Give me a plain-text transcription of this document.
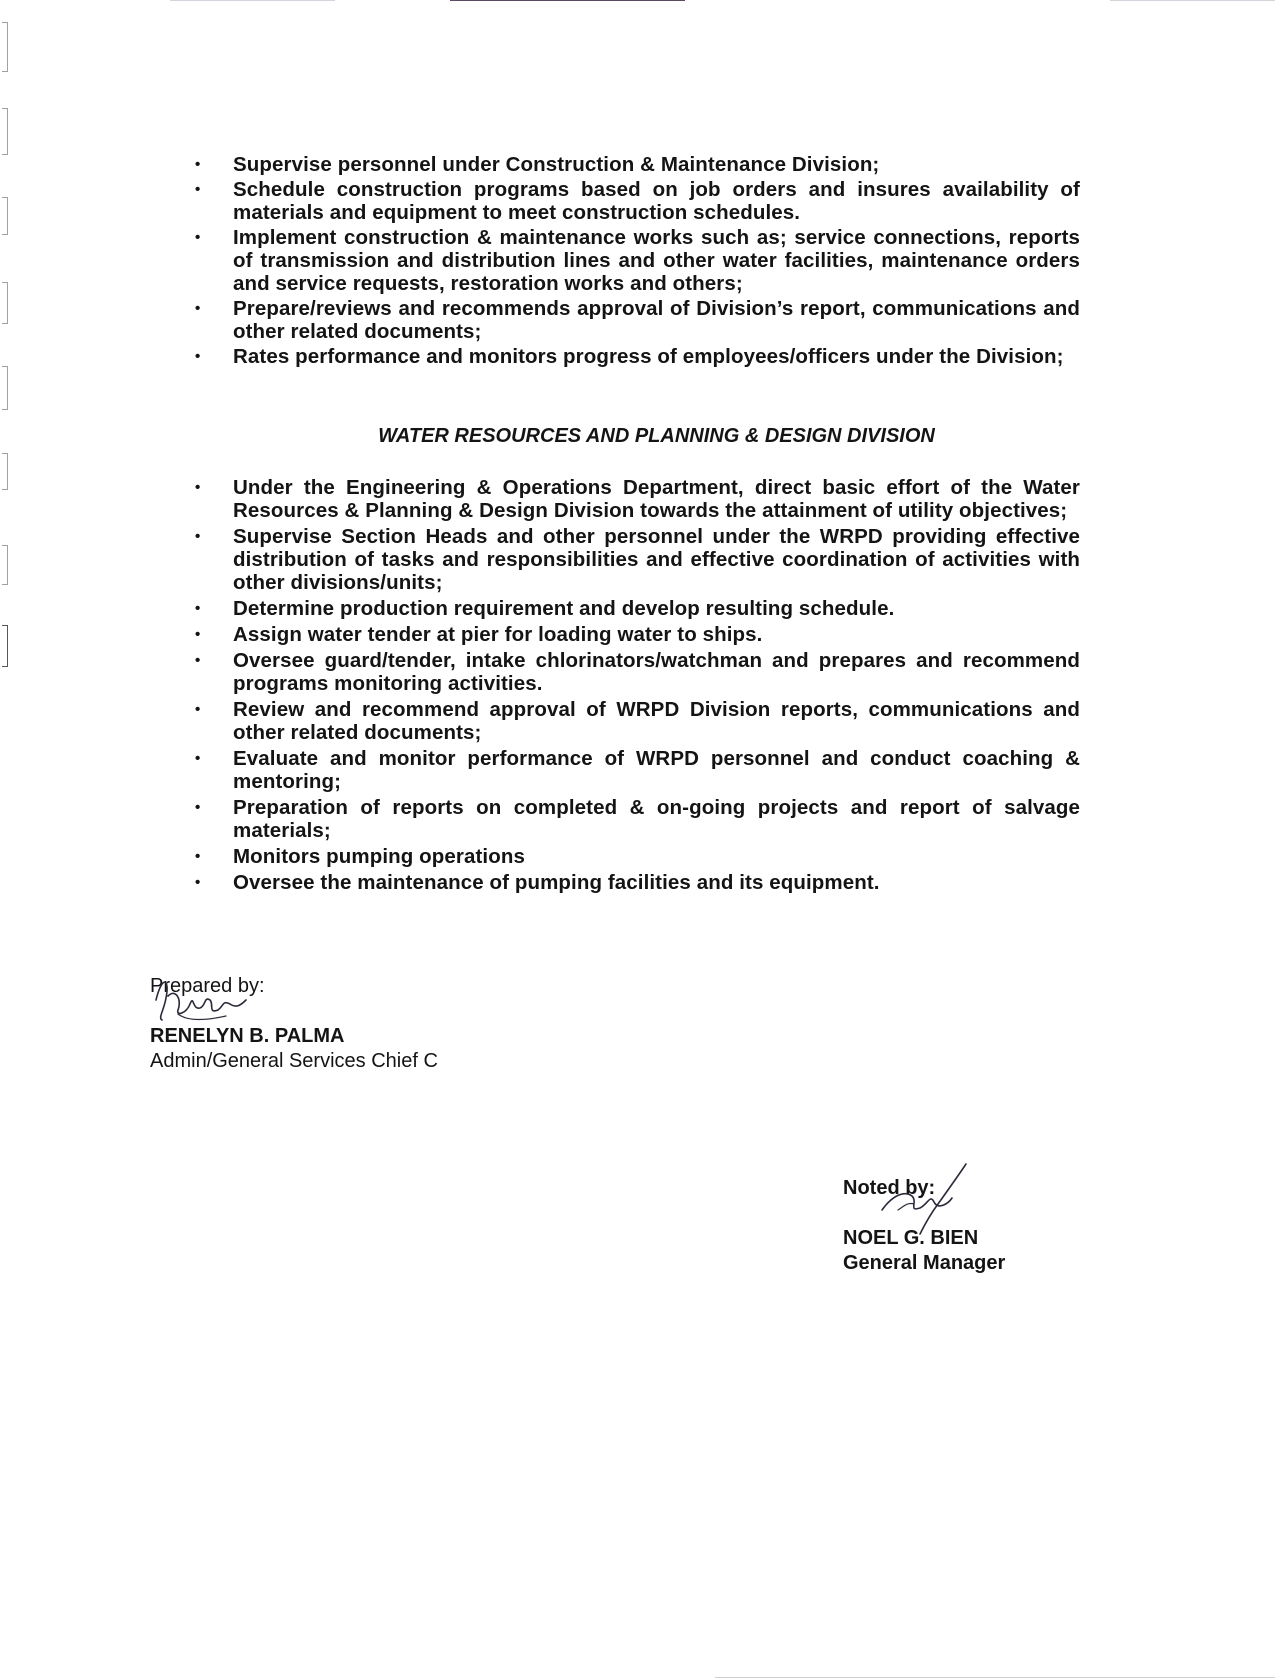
• Supervise personnel under Construction & Maintenance Division;
• Schedule construction programs based on job orders and insures availability of materials and equipment to meet construction schedules.
• Implement construction & maintenance works such as; service connections, reports of transmission and distribution lines and other water facilities, maintenance orders and service requests, restoration works and others;
• Prepare/reviews and recommends approval of Division’s report, communications and other related documents;
• Rates performance and monitors progress of employees/officers under the Division;
WATER RESOURCES AND PLANNING & DESIGN DIVISION
• Under the Engineering & Operations Department, direct basic effort of the Water Resources & Planning & Design Division towards the attainment of utility objectives;
• Supervise Section Heads and other personnel under the WRPD providing effective distribution of tasks and responsibilities and effective coordination of activities with other divisions/units;
• Determine production requirement and develop resulting schedule.
• Assign water tender at pier for loading water to ships.
• Oversee guard/tender, intake chlorinators/watchman and prepares and recommend programs monitoring activities.
• Review and recommend approval of WRPD Division reports, communications and other related documents;
• Evaluate and monitor performance of WRPD personnel and conduct coaching & mentoring;
• Preparation of reports on completed & on-going projects and report of salvage materials;
• Monitors pumping operations
• Oversee the maintenance of pumping facilities and its equipment.
Prepared by:
RENELYN B. PALMA
Admin/General Services Chief C
Noted by:
NOEL G. BIEN
General Manager
